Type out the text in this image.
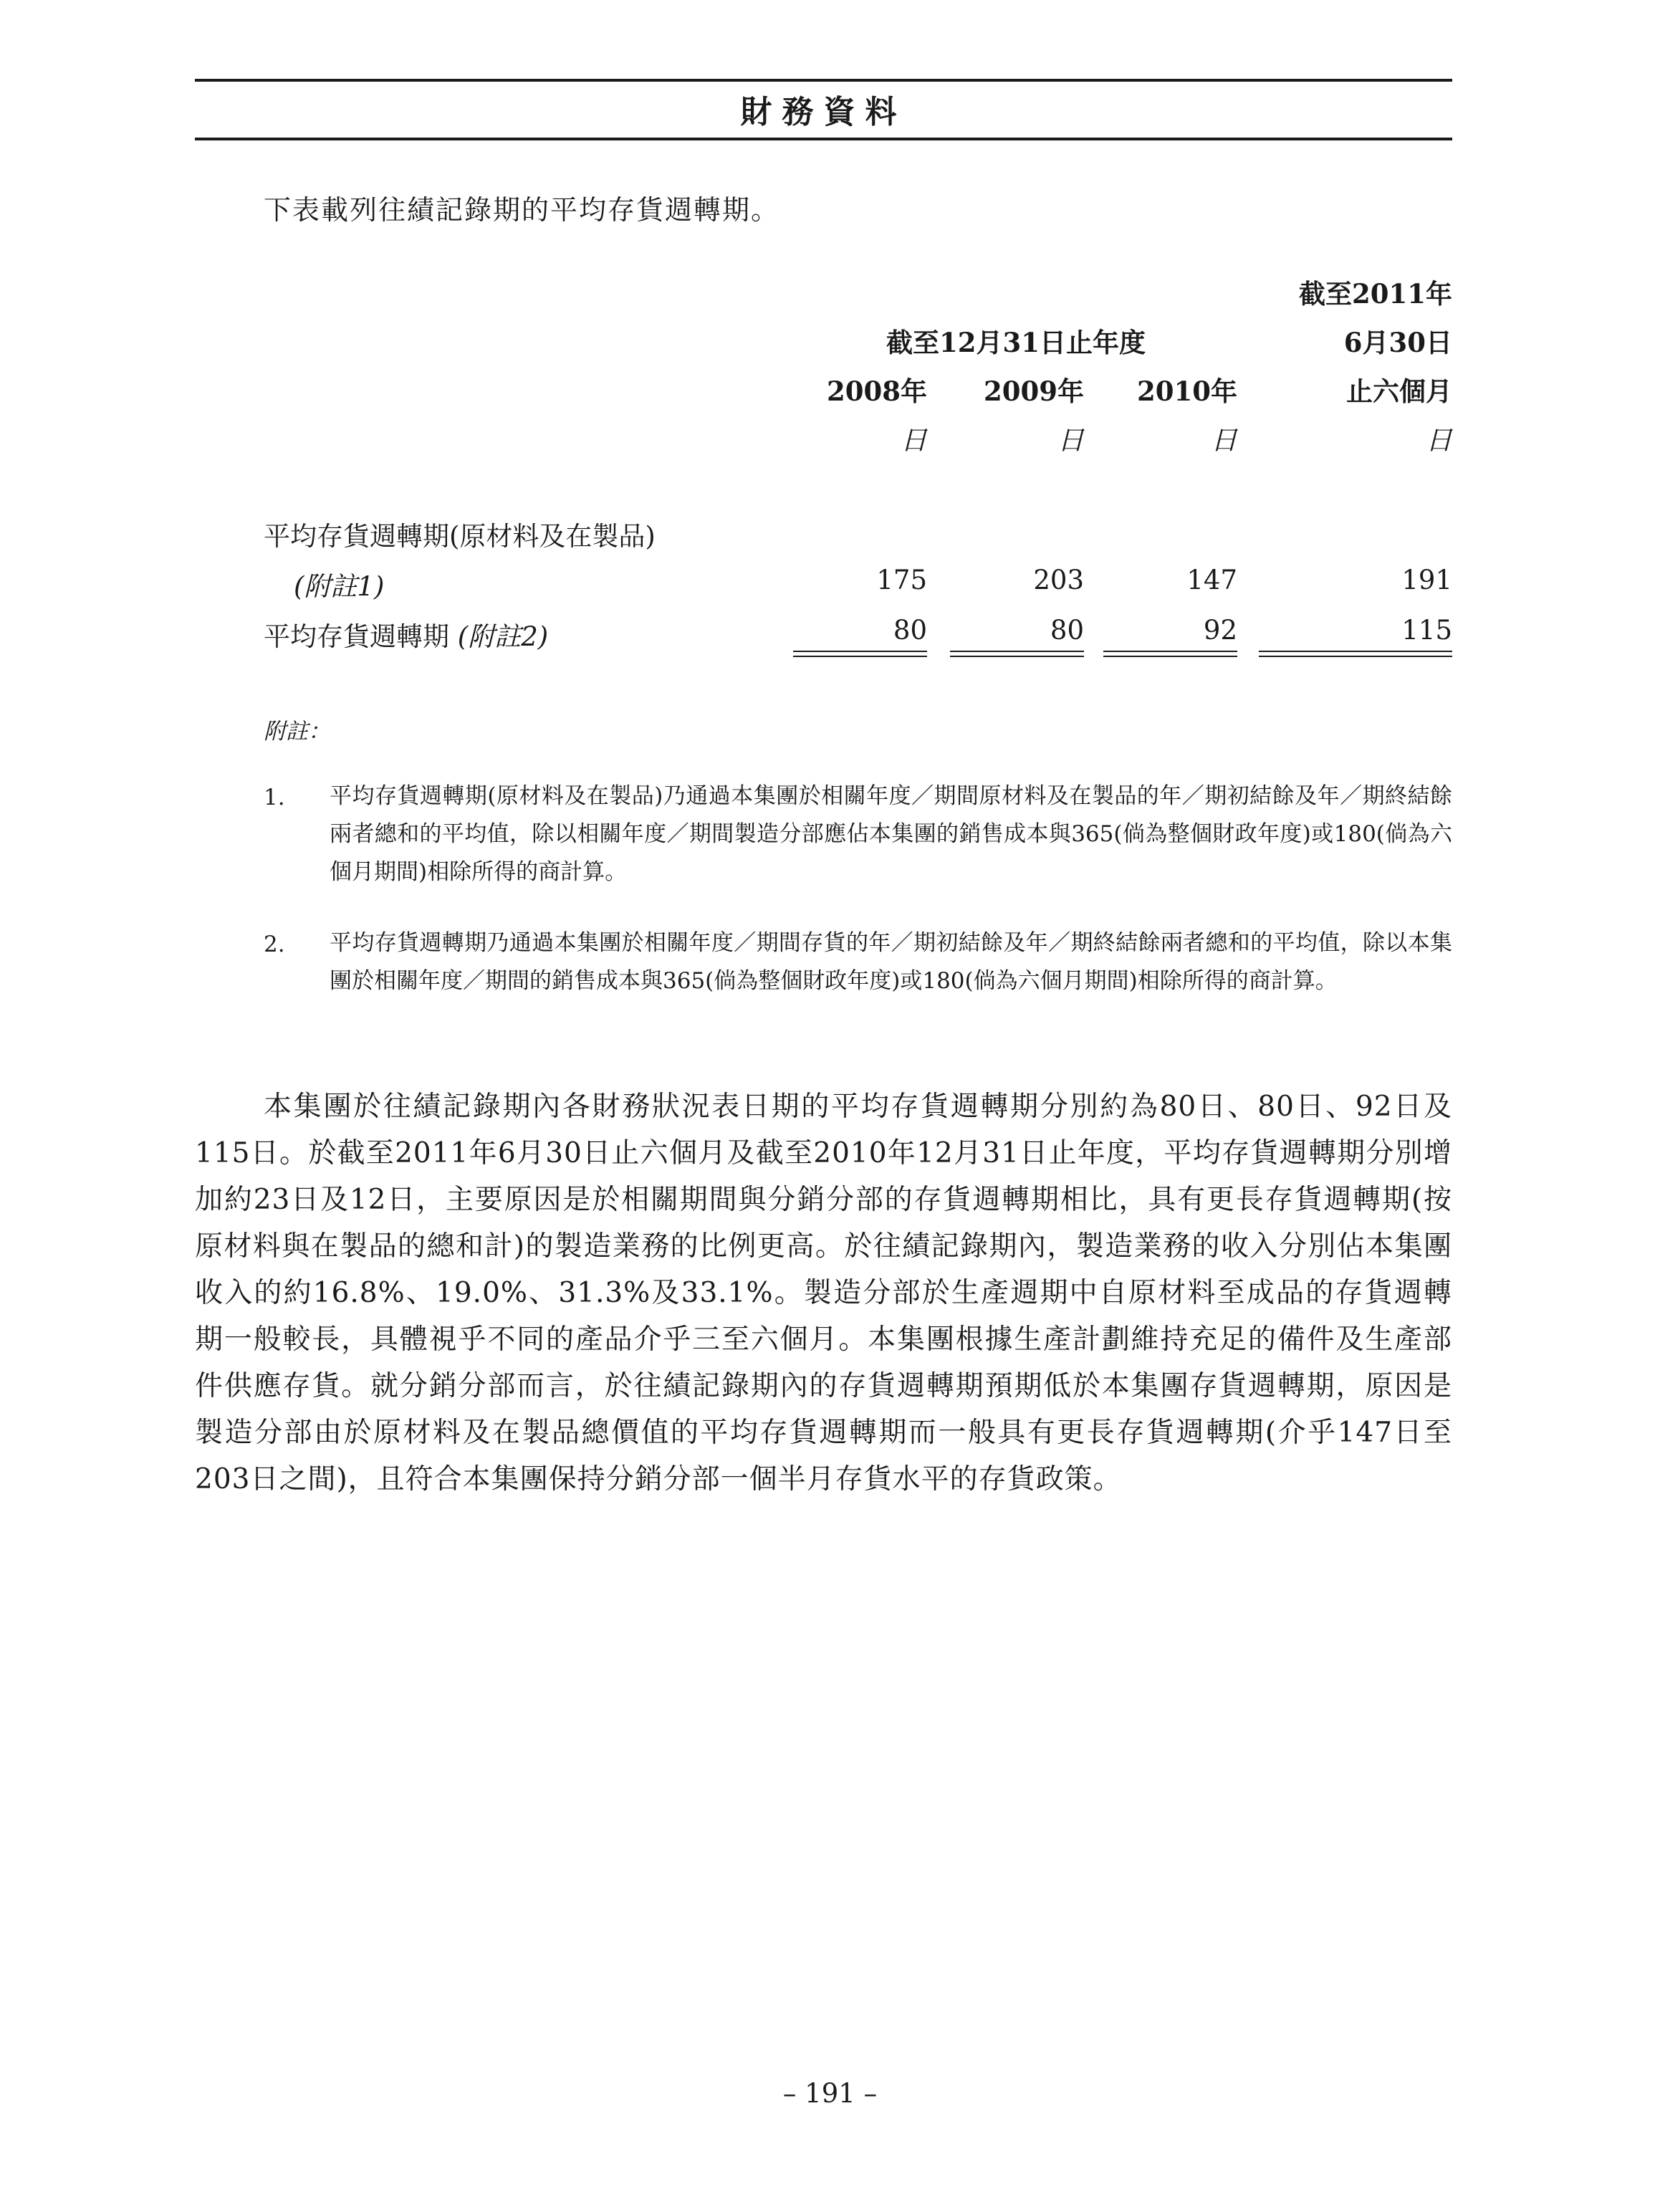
財務資料
下表載列往績記錄期的平均存貨週轉期。
截至2011年
截至12月31日止年度	6月30日
2008年	2009年	2010年	止六個月
日	日	日	日
平均存貨週轉期(原材料及在製品)
(附註1)	175	203	147	191
平均存貨週轉期 (附註2)	80	80	92	115
附註：
1. 平均存貨週轉期(原材料及在製品)乃通過本集團於相關年度／期間原材料及在製品的年／期初結餘及年／期終結餘兩者總和的平均值，除以相關年度／期間製造分部應佔本集團的銷售成本與365(倘為整個財政年度)或180(倘為六個月期間)相除所得的商計算。
2. 平均存貨週轉期乃通過本集團於相關年度／期間存貨的年／期初結餘及年／期終結餘兩者總和的平均值，除以本集團於相關年度／期間的銷售成本與365(倘為整個財政年度)或180(倘為六個月期間)相除所得的商計算。
本集團於往績記錄期內各財務狀況表日期的平均存貨週轉期分別約為80日、80日、92日及115日。於截至2011年6月30日止六個月及截至2010年12月31日止年度，平均存貨週轉期分別增加約23日及12日，主要原因是於相關期間與分銷分部的存貨週轉期相比，具有更長存貨週轉期(按原材料與在製品的總和計)的製造業務的比例更高。於往績記錄期內，製造業務的收入分別佔本集團收入的約16.8%、19.0%、31.3%及33.1%。製造分部於生產週期中自原材料至成品的存貨週轉期一般較長，具體視乎不同的產品介乎三至六個月。本集團根據生產計劃維持充足的備件及生產部件供應存貨。就分銷分部而言，於往績記錄期內的存貨週轉期預期低於本集團存貨週轉期，原因是製造分部由於原材料及在製品總價值的平均存貨週轉期而一般具有更長存貨週轉期(介乎147日至203日之間)，且符合本集團保持分銷分部一個半月存貨水平的存貨政策。
– 191 –
